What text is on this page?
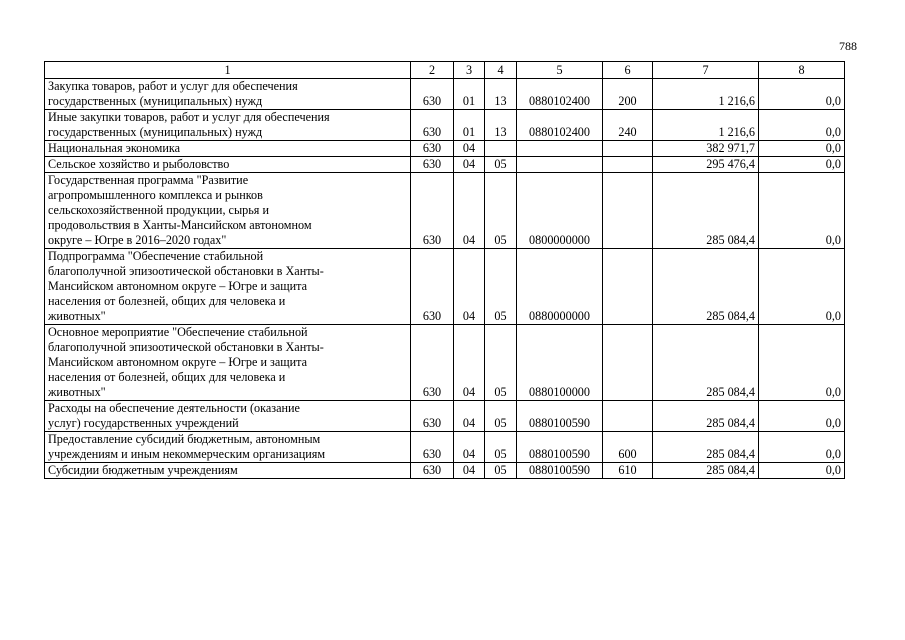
788
1	2	3	4	5	6	7	8

Закупка товаров, работ и услуг для обеспечения
государственных (муниципальных) нужд	630	01	13	0880102400	200	1 216,6	0,0

Иные закупки товаров, работ и услуг для обеспечения
государственных (муниципальных) нужд	630	01	13	0880102400	240	1 216,6	0,0

Национальная экономика	630	04				382 971,7	0,0

Сельское хозяйство и рыболовство	630	04	05			295 476,4	0,0

Государственная программа "Развитие
агропромышленного комплекса и рынков
сельскохозяйственной продукции, сырья и
продовольствия в Ханты-Мансийском автономном
округе – Югре в 2016–2020 годах"	630	04	05	0800000000		285 084,4	0,0

Подпрограмма "Обеспечение стабильной
благополучной эпизоотической обстановки в Ханты-
Мансийском автономном округе – Югре и защита
населения от болезней, общих для человека и
животных"	630	04	05	0880000000		285 084,4	0,0

Основное мероприятие "Обеспечение стабильной
благополучной эпизоотической обстановки в Ханты-
Мансийском автономном округе – Югре и защита
населения от болезней, общих для человека и
животных"	630	04	05	0880100000		285 084,4	0,0

Расходы на обеспечение деятельности (оказание
услуг) государственных учреждений	630	04	05	0880100590		285 084,4	0,0

Предоставление субсидий бюджетным, автономным
учреждениям и иным некоммерческим организациям	630	04	05	0880100590	600	285 084,4	0,0

Субсидии бюджетным учреждениям	630	04	05	0880100590	610	285 084,4	0,0
